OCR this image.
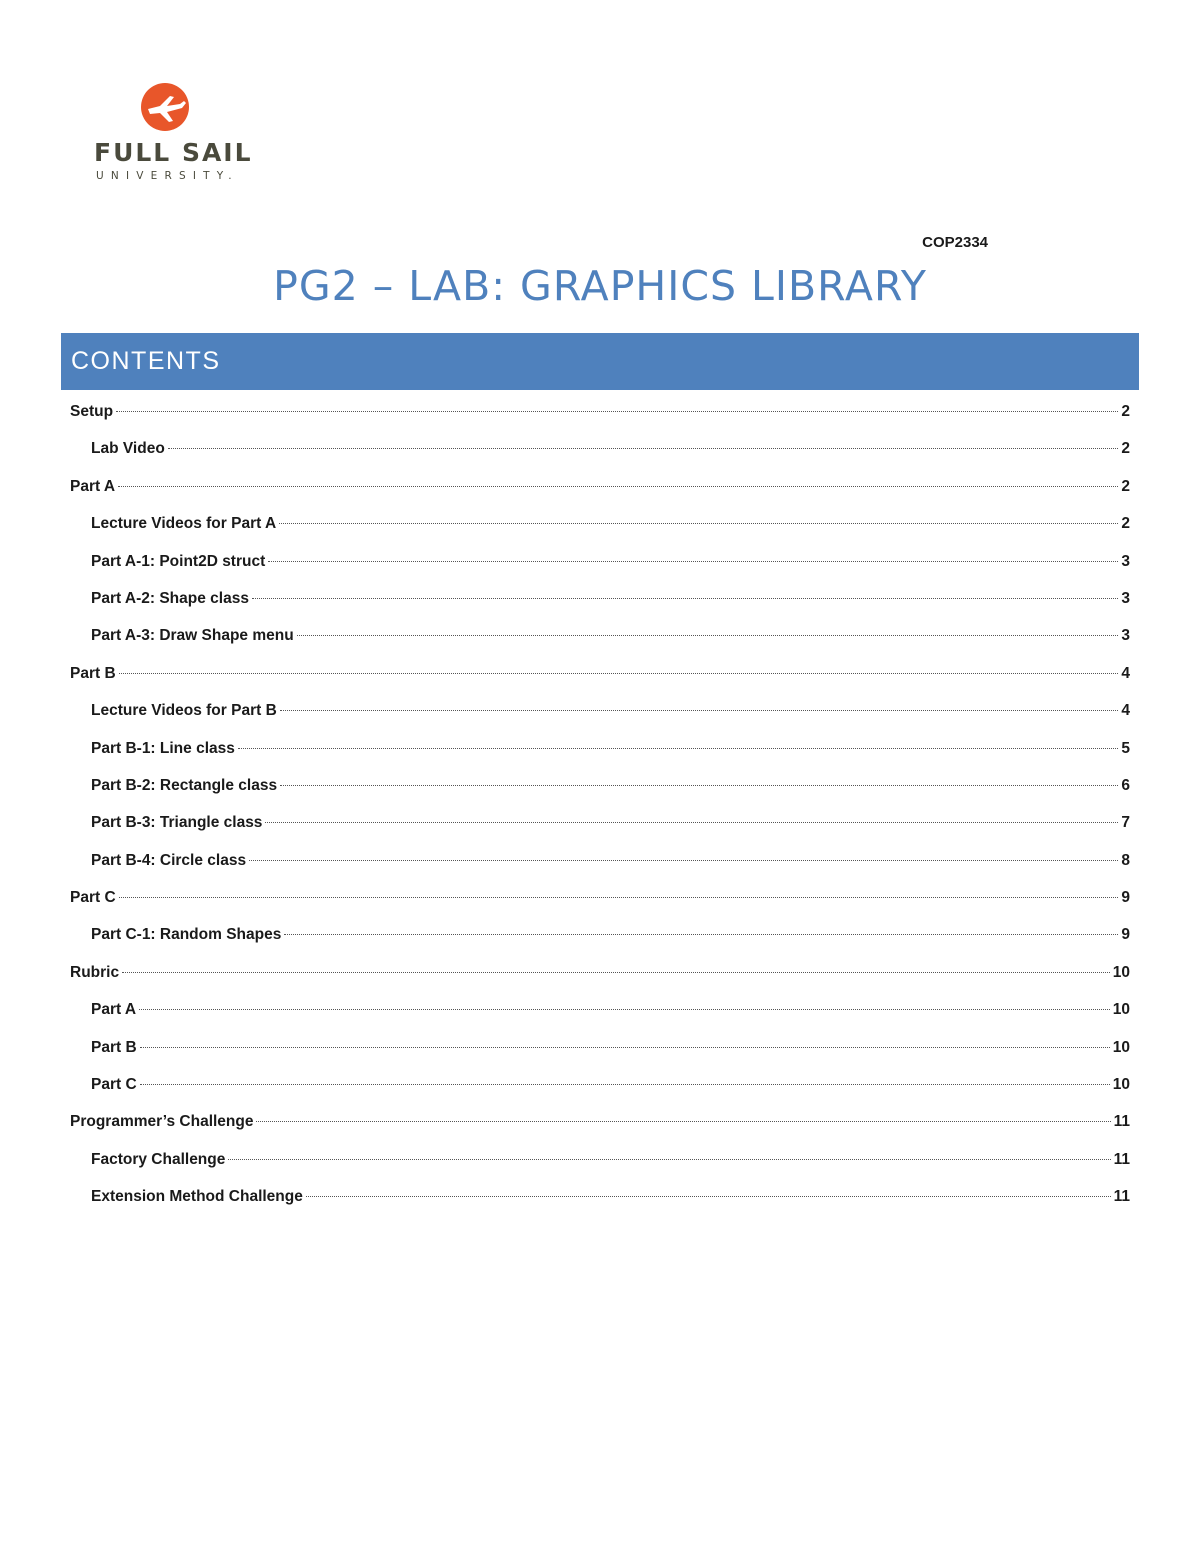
FULL SAIL
UNIVERSITY.
COP2334
PG2 – LAB: GRAPHICS LIBRARY
CONTENTS
Setup	2
Lab Video	2
Part A	2
Lecture Videos for Part A	2
Part A-1: Point2D struct	3
Part A-2: Shape class	3
Part A-3: Draw Shape menu	3
Part B	4
Lecture Videos for Part B	4
Part B-1: Line class	5
Part B-2: Rectangle class	6
Part B-3: Triangle class	7
Part B-4: Circle class	8
Part C	9
Part C-1: Random Shapes	9
Rubric	10
Part A	10
Part B	10
Part C	10
Programmer’s Challenge	11
Factory Challenge	11
Extension Method Challenge	11
